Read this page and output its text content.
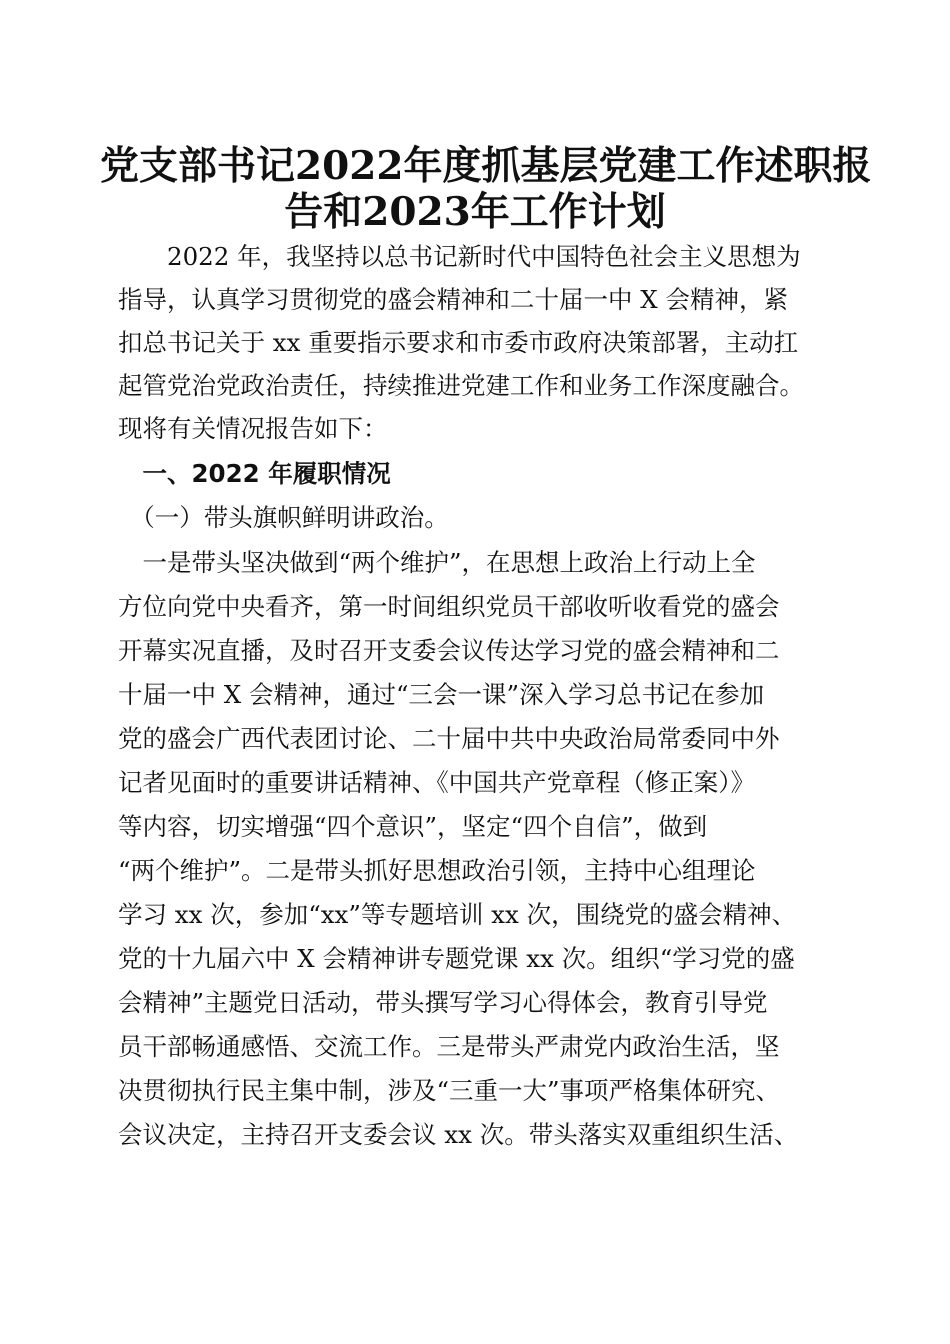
党支部书记2022年度抓基层党建工作述职报
告和2023年工作计划

　　2022 年，我坚持以总书记新时代中国特色社会主义思想为

指导，认真学习贯彻党的盛会精神和二十届一中 X 会精神，紧

扣总书记关于 xx 重要指示要求和市委市政府决策部署，主动扛

起管党治党政治责任，持续推进党建工作和业务工作深度融合。

现将有关情况报告如下：

　一、2022 年履职情况

　（一）带头旗帜鲜明讲政治。

　一是带头坚决做到“两个维护”，在思想上政治上行动上全

方位向党中央看齐，第一时间组织党员干部收听收看党的盛会

开幕实况直播，及时召开支委会议传达学习党的盛会精神和二

十届一中 X 会精神，通过“三会一课”深入学习总书记在参加

党的盛会广西代表团讨论、二十届中共中央政治局常委同中外

记者见面时的重要讲话精神、《中国共产党章程（修正案）》

等内容，切实增强“四个意识”，坚定“四个自信”，做到

“两个维护”。二是带头抓好思想政治引领，主持中心组理论

学习 xx 次，参加“xx”等专题培训 xx 次，围绕党的盛会精神、

党的十九届六中 X 会精神讲专题党课 xx 次。组织“学习党的盛

会精神”主题党日活动，带头撰写学习心得体会，教育引导党

员干部畅通感悟、交流工作。三是带头严肃党内政治生活，坚

决贯彻执行民主集中制，涉及“三重一大”事项严格集体研究、

会议决定，主持召开支委会议 xx 次。带头落实双重组织生活、
